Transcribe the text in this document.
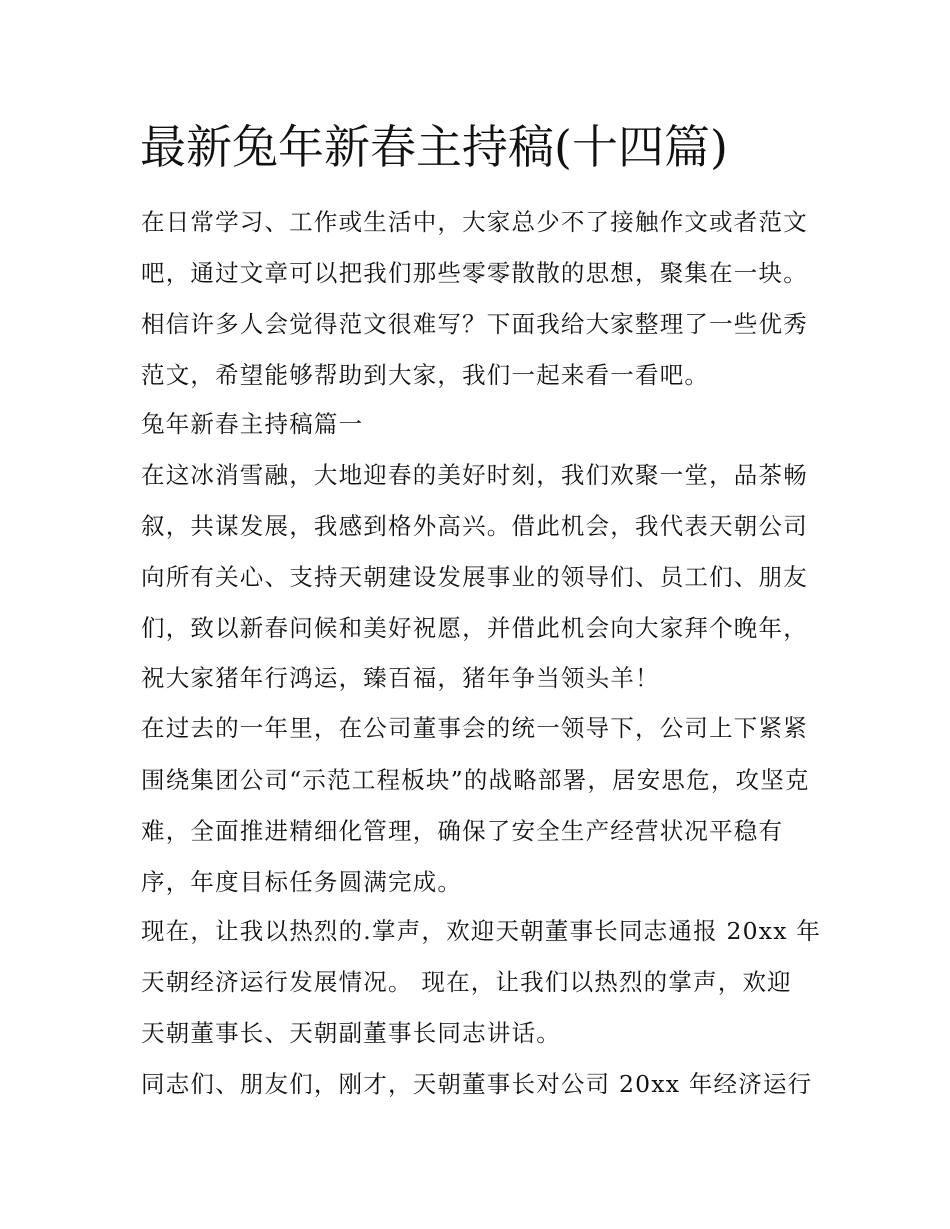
最新兔年新春主持稿(十四篇)

在日常学习、工作或生活中，大家总少不了接触作文或者范文

吧，通过文章可以把我们那些零零散散的思想，聚集在一块。

相信许多人会觉得范文很难写？下面我给大家整理了一些优秀

范文，希望能够帮助到大家，我们一起来看一看吧。

兔年新春主持稿篇一

在这冰消雪融，大地迎春的美好时刻，我们欢聚一堂，品茶畅

叙，共谋发展，我感到格外高兴。借此机会，我代表天朝公司

向所有关心、支持天朝建设发展事业的领导们、员工们、朋友

们，致以新春问候和美好祝愿，并借此机会向大家拜个晚年，

祝大家猪年行鸿运，臻百福，猪年争当领头羊！

在过去的一年里，在公司董事会的统一领导下，公司上下紧紧

围绕集团公司“示范工程板块”的战略部署，居安思危，攻坚克

难，全面推进精细化管理，确保了安全生产经营状况平稳有

序，年度目标任务圆满完成。

现在，让我以热烈的.掌声，欢迎天朝董事长同志通报 20xx 年

天朝经济运行发展情况。 现在，让我们以热烈的掌声，欢迎

天朝董事长、天朝副董事长同志讲话。

同志们、朋友们，刚才，天朝董事长对公司 20xx 年经济运行
